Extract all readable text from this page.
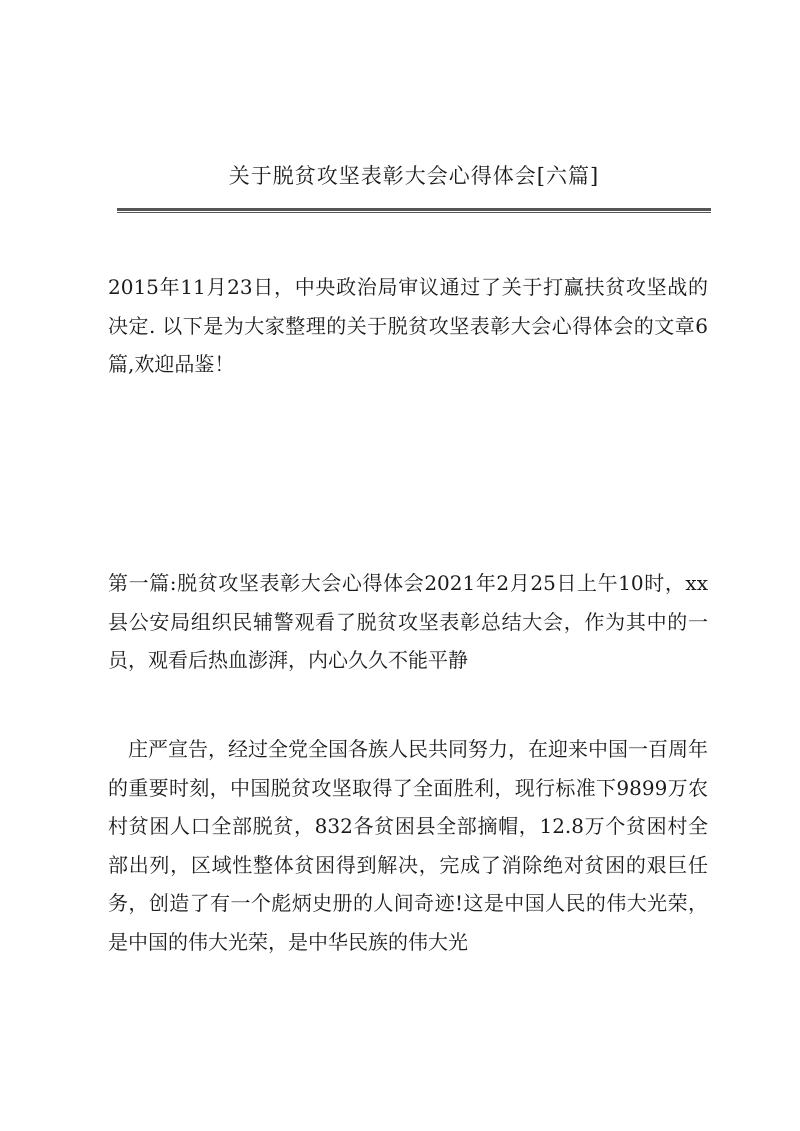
关于脱贫攻坚表彰大会心得体会[六篇]

2015年11月23日，中央政治局审议通过了关于打赢扶贫攻坚战的决定. 以下是为大家整理的关于脱贫攻坚表彰大会心得体会的文章6篇,欢迎品鉴！

第一篇:脱贫攻坚表彰大会心得体会2021年2月25日上午10时，xx县公安局组织民辅警观看了脱贫攻坚表彰总结大会，作为其中的一员，观看后热血澎湃，内心久久不能平静

庄严宣告，经过全党全国各族人民共同努力，在迎来中国一百周年的重要时刻，中国脱贫攻坚取得了全面胜利，现行标准下9899万农村贫困人口全部脱贫，832各贫困县全部摘帽，12.8万个贫困村全部出列，区域性整体贫困得到解决，完成了消除绝对贫困的艰巨任务，创造了有一个彪炳史册的人间奇迹!这是中国人民的伟大光荣，是中国的伟大光荣，是中华民族的伟大光
